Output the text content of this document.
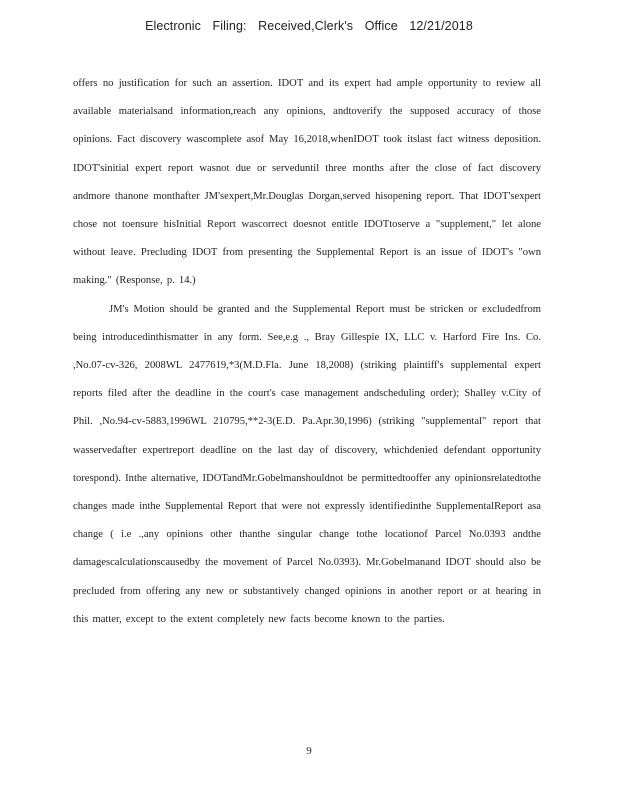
Electronic Filing: Received,Clerk's Office 12/21/2018

offers no justification for such an assertion. IDOT and its expert had ample opportunity to review all available materialsand information,reach any opinions, andtoverify the supposed accuracy of those opinions. Fact discovery wascomplete asof May 16,2018,whenIDOT took itslast fact witness deposition. IDOT'sinitial expert report wasnot due or serveduntil three months after the close of fact discovery andmore thanone monthafter JM'sexpert,Mr.Douglas Dorgan,served hisopening report. That IDOT'sexpert chose not toensure hisInitial Report wascorrect doesnot entitle IDOTtoserve a "supplement," let alone without leave. Precluding IDOT from presenting the Supplemental Report is an issue of IDOT's "own making." (Response, p. 14.)

JM's Motion should be granted and the Supplemental Report must be stricken or excludedfrom being introducedinthismatter in any form. See,e.g ., Bray Gillespie IX, LLC v. Harford Fire Ins. Co. ,No.07-cv-326, 2008WL 2477619,*3(M.D.Fla. June 18,2008) (striking plaintiff's supplemental expert reports filed after the deadline in the court's case management andscheduling order); Shalley v.City of Phil. ,No.94-cv-5883,1996WL 210795,**2-3(E.D. Pa.Apr.30,1996) (striking "supplemental" report that wasservedafter expertreport deadline on the last day of discovery, whichdenied defendant opportunity torespond). Inthe alternative, IDOTandMr.Gobelmanshouldnot be permittedtooffer any opinionsrelatedtothe changes made inthe Supplemental Report that were not expressly identifiedinthe SupplementalReport asa change ( i.e .,any opinions other thanthe singular change tothe locationof Parcel No.0393 andthe damagescalculationscausedby the movement of Parcel No.0393). Mr.Gobelmanand IDOT should also be precluded from offering any new or substantively changed opinions in another report or at hearing in this matter, except to the extent completely new facts become known to the parties.

9
